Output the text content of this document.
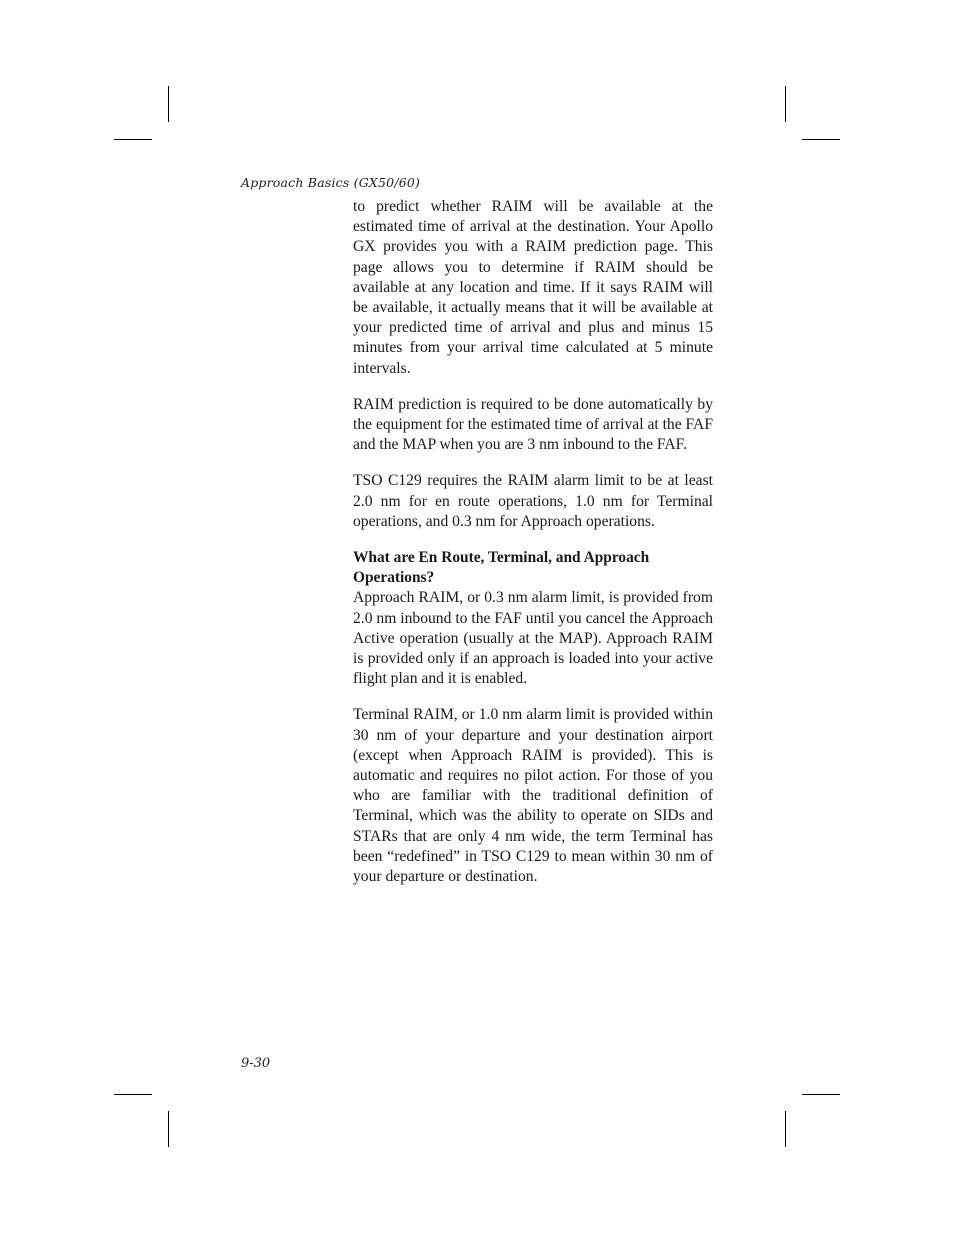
Approach Basics (GX50/60)

to predict whether RAIM will be available at the estimated time of arrival at the destination. Your Apollo GX provides you with a RAIM prediction page. This page allows you to determine if RAIM should be available at any location and time. If it says RAIM will be available, it actually means that it will be available at your predicted time of arrival and plus and minus 15 minutes from your arrival time calculated at 5 minute intervals.

RAIM prediction is required to be done automatically by the equipment for the estimated time of arrival at the FAF and the MAP when you are 3 nm inbound to the FAF.

TSO C129 requires the RAIM alarm limit to be at least 2.0 nm for en route operations, 1.0 nm for Terminal operations, and 0.3 nm for Approach operations.

What are En Route, Terminal, and Approach Operations?

Approach RAIM, or 0.3 nm alarm limit, is provided from 2.0 nm inbound to the FAF until you cancel the Approach Active operation (usually at the MAP). Approach RAIM is provided only if an approach is loaded into your active flight plan and it is enabled.

Terminal RAIM, or 1.0 nm alarm limit is provided within 30 nm of your departure and your destination airport (except when Approach RAIM is provided). This is automatic and requires no pilot action. For those of you who are familiar with the traditional definition of Terminal, which was the ability to operate on SIDs and STARs that are only 4 nm wide, the term Terminal has been “redefined” in TSO C129 to mean within 30 nm of your departure or destination.

9-30
